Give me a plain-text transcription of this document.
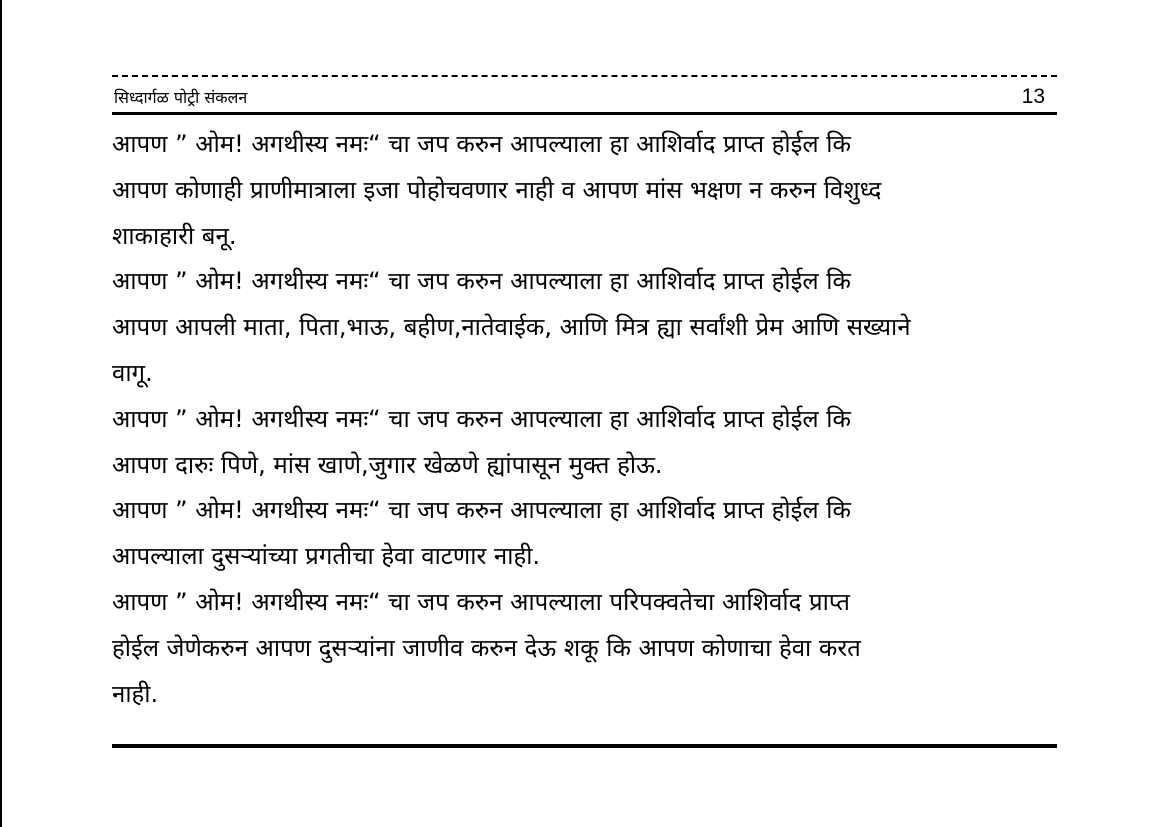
सिध्दार्गळ पोट्री संकलन	13
आपण ” ओम! अगथीस्य नमः“ चा जप करुन आपल्याला हा आशिर्वाद प्राप्त होईल कि
आपण कोणाही प्राणीमात्राला इजा पोहोचवणार नाही व आपण मांस भक्षण न करुन विशुध्द
शाकाहारी बनू.
आपण ” ओम! अगथीस्य नमः“ चा जप करुन आपल्याला हा आशिर्वाद प्राप्त होईल कि
आपण आपली माता, पिता,भाऊ, बहीण,नातेवाईक, आणि मित्र ह्या सर्वांशी प्रेम आणि सख्याने
वागू.
आपण ” ओम! अगथीस्य नमः“ चा जप करुन आपल्याला हा आशिर्वाद प्राप्त होईल कि
आपण दारुः पिणे, मांस खाणे,जुगार खेळणे ह्यांपासून मुक्त होऊ.
आपण ” ओम! अगथीस्य नमः“ चा जप करुन आपल्याला हा आशिर्वाद प्राप्त होईल कि
आपल्याला दुसऱ्यांच्या प्रगतीचा हेवा वाटणार नाही.
आपण ” ओम! अगथीस्य नमः“ चा जप करुन आपल्याला परिपक्वतेचा आशिर्वाद प्राप्त
होईल जेणेकरुन आपण दुसऱ्यांना जाणीव करुन देऊ शकू कि आपण कोणाचा हेवा करत
नाही.
